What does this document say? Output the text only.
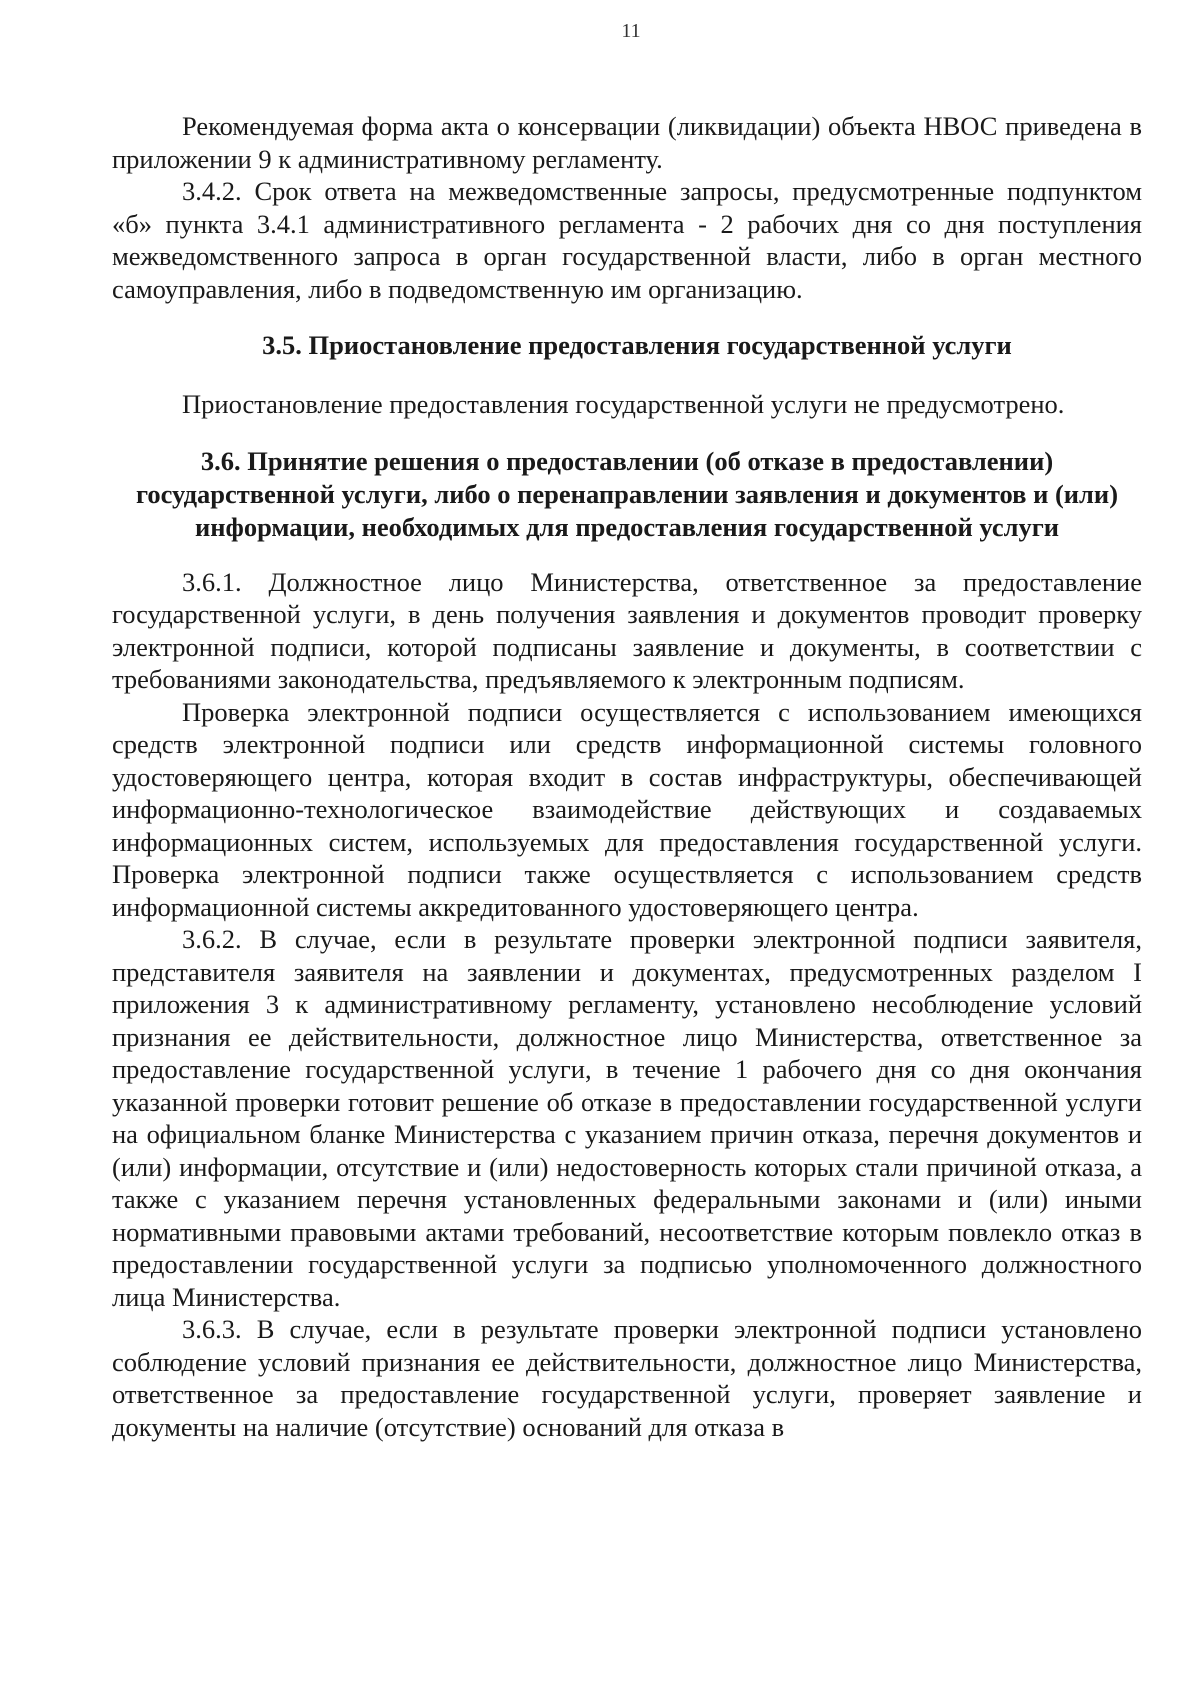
11

Рекомендуемая форма акта о консервации (ликвидации) объекта НВОС приведена в приложении 9 к административному регламенту.

3.4.2. Срок ответа на межведомственные запросы, предусмотренные подпунктом «б» пункта 3.4.1 административного регламента - 2 рабочих дня со дня поступления межведомственного запроса в орган государственной власти, либо в орган местного самоуправления, либо в подведомственную им организацию.

3.5. Приостановление предоставления государственной услуги

Приостановление предоставления государственной услуги не предусмотрено.

3.6. Принятие решения о предоставлении (об отказе в предоставлении) государственной услуги, либо о перенаправлении заявления и документов и (или) информации, необходимых для предоставления государственной услуги

3.6.1. Должностное лицо Министерства, ответственное за предоставление государственной услуги, в день получения заявления и документов проводит проверку электронной подписи, которой подписаны заявление и документы, в соответствии с требованиями законодательства, предъявляемого к электронным подписям.

Проверка электронной подписи осуществляется с использованием имеющихся средств электронной подписи или средств информационной системы головного удостоверяющего центра, которая входит в состав инфраструктуры, обеспечивающей информационно-технологическое взаимодействие действующих и создаваемых информационных систем, используемых для предоставления государственной услуги. Проверка электронной подписи также осуществляется с использованием средств информационной системы аккредитованного удостоверяющего центра.

3.6.2. В случае, если в результате проверки электронной подписи заявителя, представителя заявителя на заявлении и документах, предусмотренных разделом I приложения 3 к административному регламенту, установлено несоблюдение условий признания ее действительности, должностное лицо Министерства, ответственное за предоставление государственной услуги, в течение 1 рабочего дня со дня окончания указанной проверки готовит решение об отказе в предоставлении государственной услуги на официальном бланке Министерства с указанием причин отказа, перечня документов и (или) информации, отсутствие и (или) недостоверность которых стали причиной отказа, а также с указанием перечня установленных федеральными законами и (или) иными нормативными правовыми актами требований, несоответствие которым повлекло отказ в предоставлении государственной услуги за подписью уполномоченного должностного лица Министерства.

3.6.3. В случае, если в результате проверки электронной подписи установлено соблюдение условий признания ее действительности, должностное лицо Министерства, ответственное за предоставление государственной услуги, проверяет заявление и документы на наличие (отсутствие) оснований для отказа в
